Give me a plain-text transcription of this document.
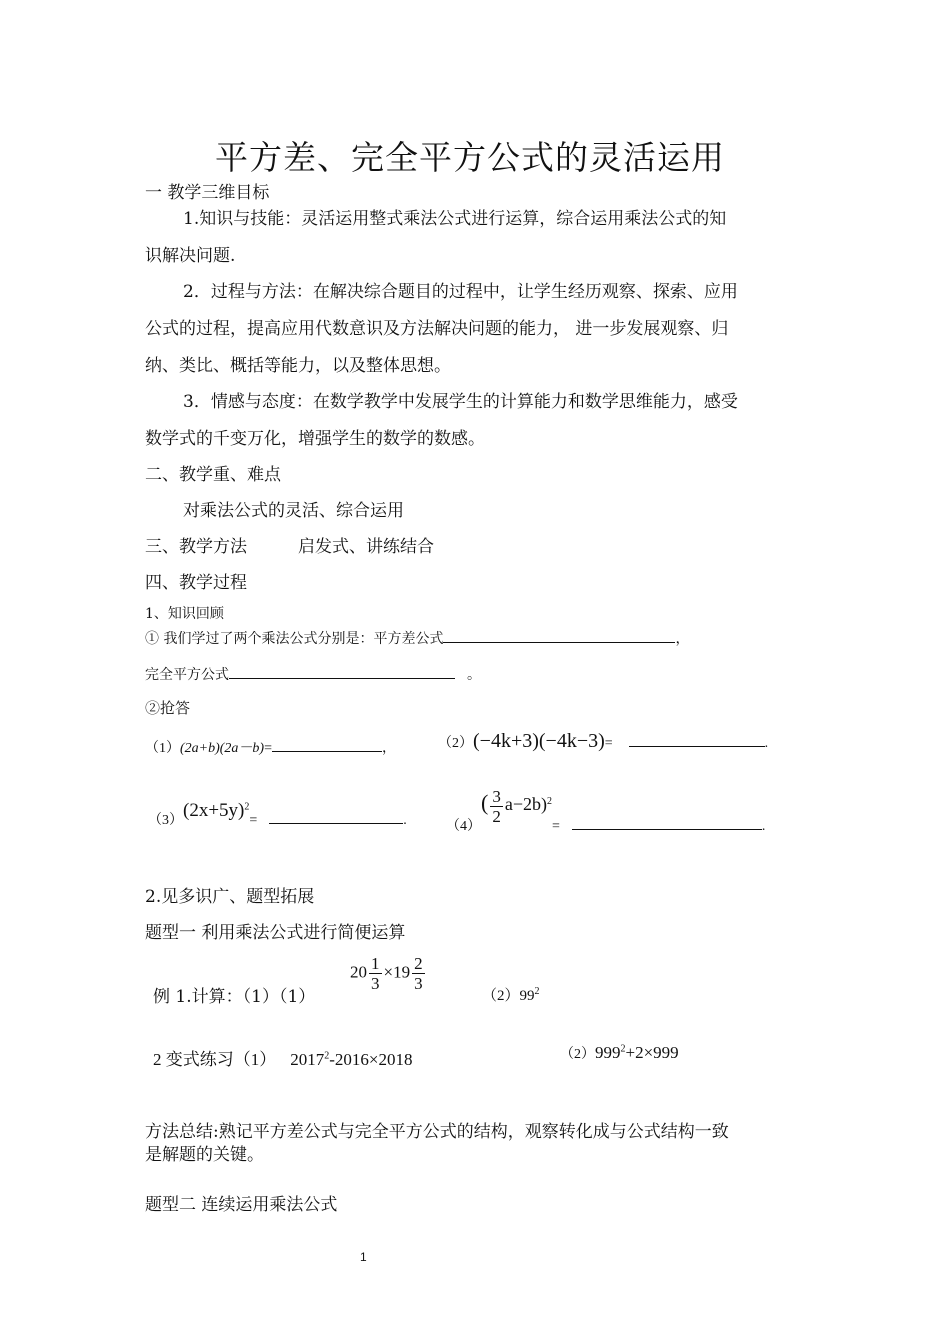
平方差、完全平方公式的灵活运用
一 教学三维目标
1.知识与技能：灵活运用整式乘法公式进行运算，综合运用乘法公式的知
识解决问题.
2．过程与方法：在解决综合题目的过程中，让学生经历观察、探索、应用
公式的过程，提高应用代数意识及方法解决问题的能力， 进一步发展观察、归
纳、类比、概括等能力，以及整体思想。
3．情感与态度：在数学教学中发展学生的计算能力和数学思维能力，感受
数学式的千变万化，增强学生的数学的数感。
二、教学重、难点
对乘法公式的灵活、综合运用
三、教学方法	启发式、讲练结合
四、教学过程
1、知识回顾
① 我们学过了两个乘法公式分别是：平方差公式	，
完全平方公式	。
②抢答
（1）(2a+b)(2a－b)=	，	（2）(−4k+3)(−4k−3)=	.
$(3)(2x+5y)^2=$	.	$(4)( \frac{3}{2} a-2b)^2=$	.
2.见多识广、题型拓展
题型一 利用乘法公式进行简便运算
例 1.计算：（1）（1）
$20 \frac{1}{3} \times 19 \frac{2}{3}$
$(2)99^2$
2 变式练习（1） $2017^2-2016\times 2018$	$(2)999^2+2\times 999$
方法总结:熟记平方差公式与完全平方公式的结构，观察转化成与公式结构一致
是解题的关键。
题型二 连续运用乘法公式
1
